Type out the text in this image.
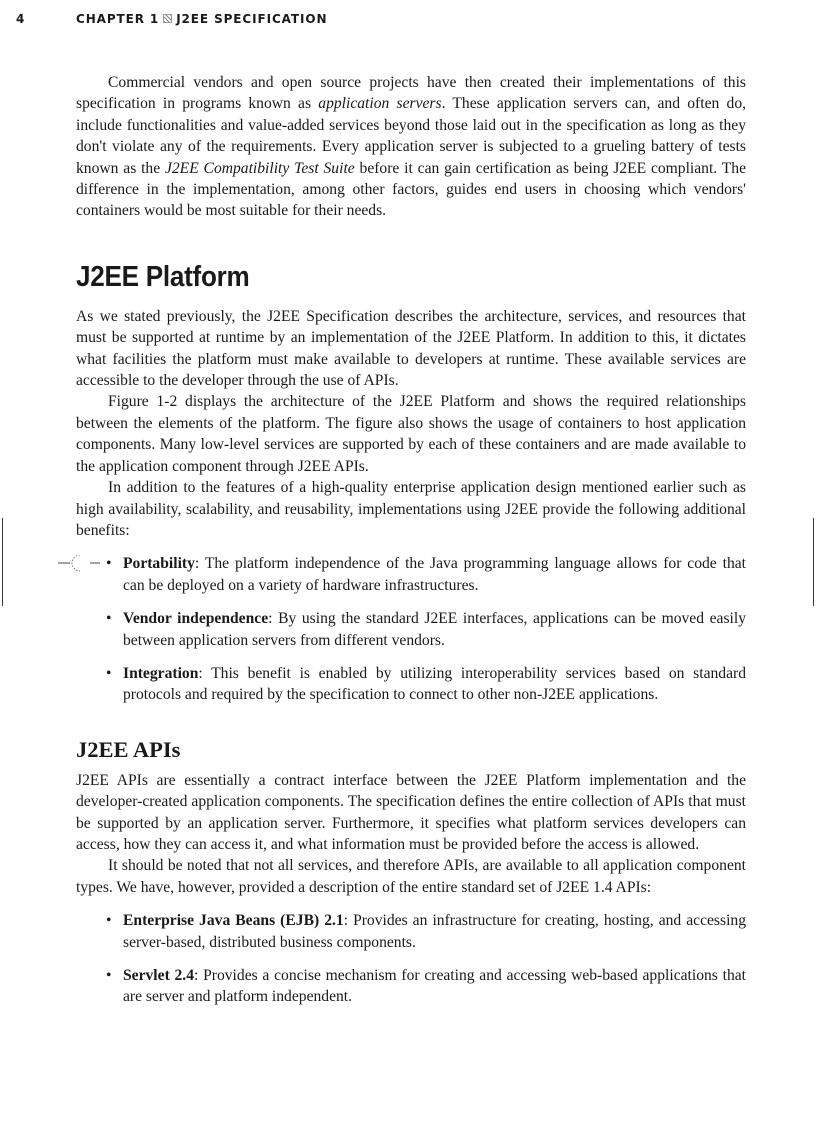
4	CHAPTER 1 J2EE SPECIFICATION

Commercial vendors and open source projects have then created their implementations of this specification in programs known as application servers. These application servers can, and often do, include functionalities and value-added services beyond those laid out in the specification as long as they don't violate any of the requirements. Every application server is subjected to a grueling battery of tests known as the J2EE Compatibility Test Suite before it can gain certification as being J2EE compliant. The difference in the implementation, among other factors, guides end users in choosing which vendors' containers would be most suitable for their needs.

J2EE Platform

As we stated previously, the J2EE Specification describes the architecture, services, and resources that must be supported at runtime by an implementation of the J2EE Platform. In addition to this, it dictates what facilities the platform must make available to developers at runtime. These available services are accessible to the developer through the use of APIs.

Figure 1-2 displays the architecture of the J2EE Platform and shows the required relationships between the elements of the platform. The figure also shows the usage of containers to host application components. Many low-level services are supported by each of these containers and are made available to the application component through J2EE APIs.

In addition to the features of a high-quality enterprise application design mentioned earlier such as high availability, scalability, and reusability, implementations using J2EE provide the following additional benefits:

• Portability: The platform independence of the Java programming language allows for code that can be deployed on a variety of hardware infrastructures.
• Vendor independence: By using the standard J2EE interfaces, applications can be moved easily between application servers from different vendors.
• Integration: This benefit is enabled by utilizing interoperability services based on standard protocols and required by the specification to connect to other non-J2EE applications.
J2EE APIs

J2EE APIs are essentially a contract interface between the J2EE Platform implementation and the developer-created application components. The specification defines the entire collection of APIs that must be supported by an application server. Furthermore, it specifies what platform services developers can access, how they can access it, and what information must be provided before the access is allowed.

It should be noted that not all services, and therefore APIs, are available to all application component types. We have, however, provided a description of the entire standard set of J2EE 1.4 APIs:

• Enterprise Java Beans (EJB) 2.1: Provides an infrastructure for creating, hosting, and accessing server-based, distributed business components.
• Servlet 2.4: Provides a concise mechanism for creating and accessing web-based applications that are server and platform independent.
